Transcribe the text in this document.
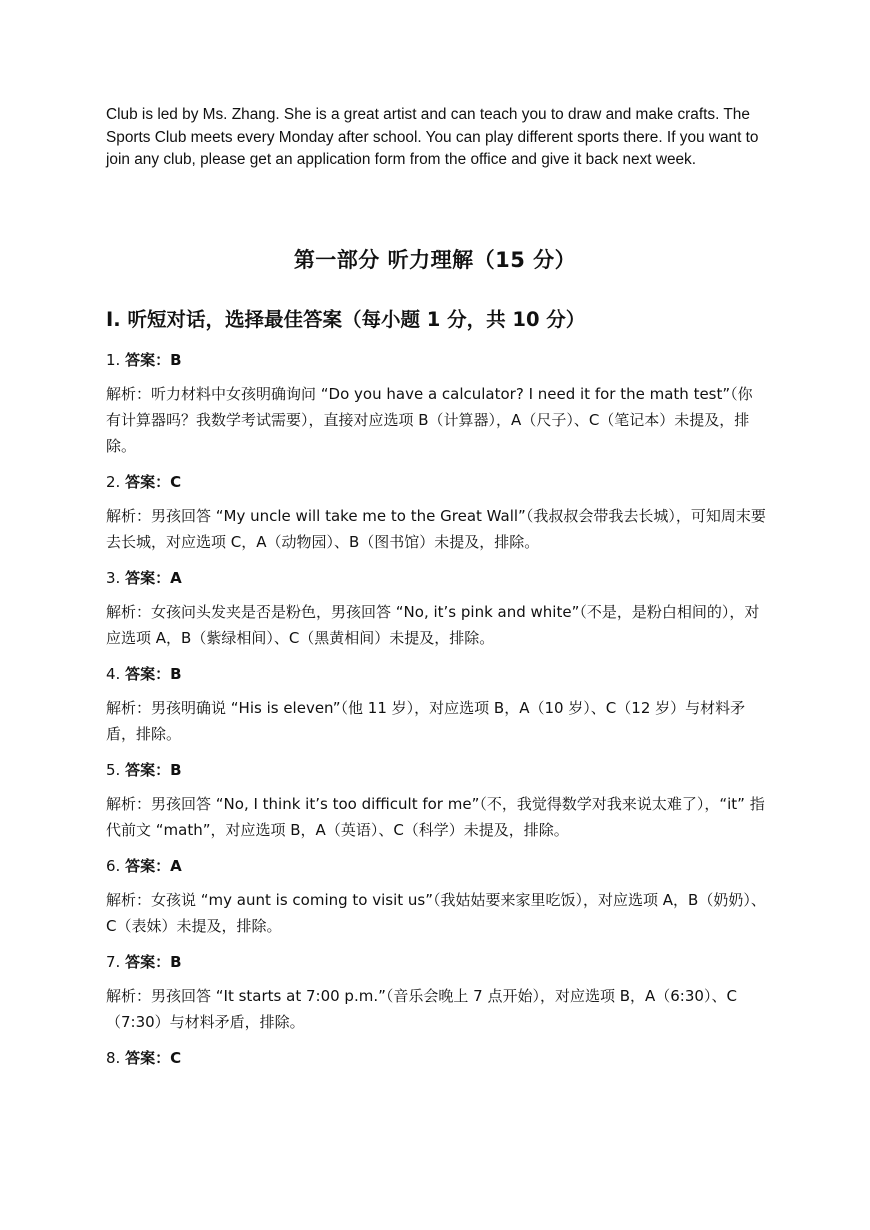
Club is led by Ms. Zhang. She is a great artist and can teach you to draw and make crafts. The Sports Club meets every Monday after school. You can play different sports there. If you want to join any club, please get an application form from the office and give it back next week.

第一部分 听力理解（15 分）
I. 听短对话，选择最佳答案（每小题 1 分，共 10 分）

1. 答案：B

解析：听力材料中女孩明确询问 “Do you have a calculator? I need it for the math test”（你有计算器吗？我数学考试需要），直接对应选项 B（计算器），A（尺子）、C（笔记本）未提及，排除。

2. 答案：C

解析：男孩回答 “My uncle will take me to the Great Wall”（我叔叔会带我去长城），可知周末要去长城，对应选项 C，A（动物园）、B（图书馆）未提及，排除。

3. 答案：A

解析：女孩问头发夹是否是粉色，男孩回答 “No, it’s pink and white”（不是，是粉白相间的），对应选项 A，B（紫绿相间）、C（黑黄相间）未提及，排除。

4. 答案：B

解析：男孩明确说 “His is eleven”（他 11 岁），对应选项 B，A（10 岁）、C（12 岁）与材料矛盾，排除。

5. 答案：B

解析：男孩回答 “No, I think it’s too difficult for me”（不，我觉得数学对我来说太难了），“it” 指代前文 “math”，对应选项 B，A（英语）、C（科学）未提及，排除。

6. 答案：A

解析：女孩说 “my aunt is coming to visit us”（我姑姑要来家里吃饭），对应选项 A，B（奶奶）、C（表妹）未提及，排除。

7. 答案：B

解析：男孩回答 “It starts at 7:00 p.m.”（音乐会晚上 7 点开始），对应选项 B，A（6:30）、C（7:30）与材料矛盾，排除。

8. 答案：C
